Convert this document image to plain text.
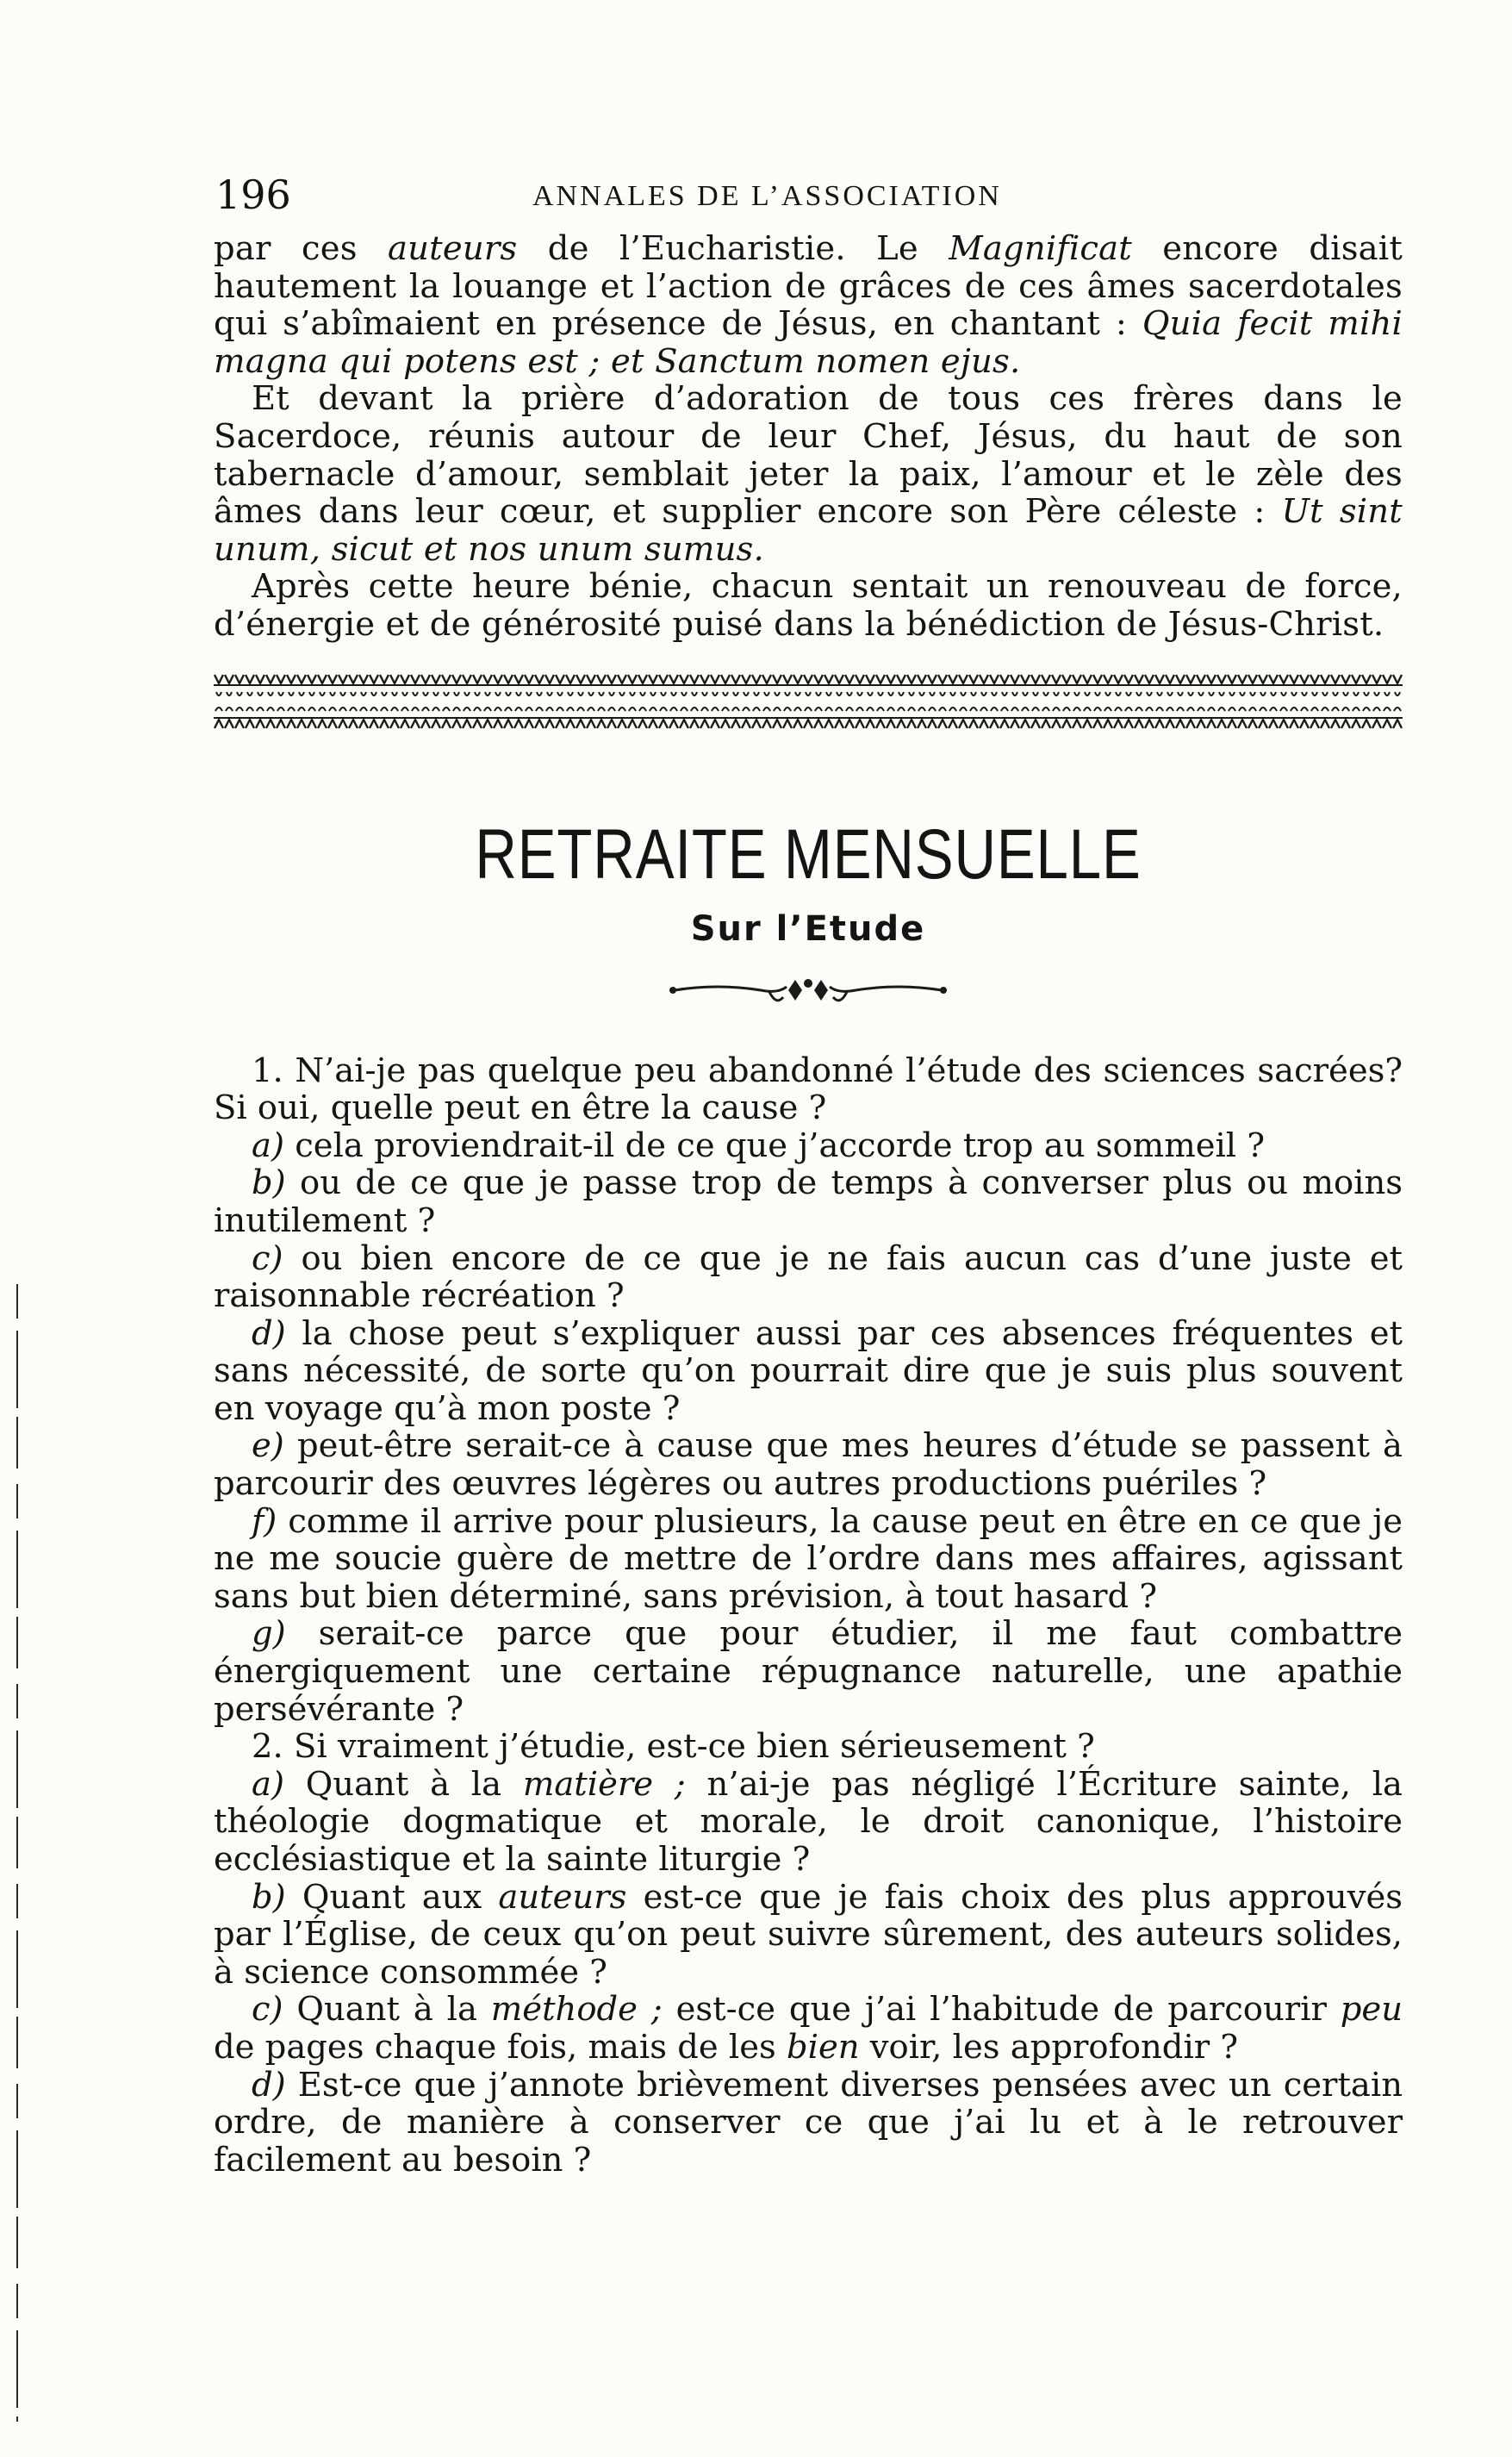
196	ANNALES DE L’ASSOCIATION

par ces auteurs de l’Eucharistie. Le Magnificat encore disait hautement la louange et l’action de grâces de ces âmes sacerdotales qui s’abîmaient en présence de Jésus, en chantant : Quia fecit mihi magna qui potens est ; et Sanctum nomen ejus.

Et devant la prière d’adoration de tous ces frères dans le Sacerdoce, réunis autour de leur Chef, Jésus, du haut de son tabernacle d’amour, semblait jeter la paix, l’amour et le zèle des âmes dans leur cœur, et supplier encore son Père céleste : Ut sint unum, sicut et nos unum sumus.

Après cette heure bénie, chacun sentait un renouveau de force, d’énergie et de générosité puisé dans la bénédiction de Jésus-Christ.

RETRAITE MENSUELLE
Sur l’Etude

1. N’ai-je pas quelque peu abandonné l’étude des sciences sacrées? Si oui, quelle peut en être la cause ?

a) cela proviendrait-il de ce que j’accorde trop au sommeil ?

b) ou de ce que je passe trop de temps à converser plus ou moins inutilement ?

c) ou bien encore de ce que je ne fais aucun cas d’une juste et raisonnable récréation ?

d) la chose peut s’expliquer aussi par ces absences fréquentes et sans nécessité, de sorte qu’on pourrait dire que je suis plus souvent en voyage qu’à mon poste ?

e) peut-être serait-ce à cause que mes heures d’étude se passent à parcourir des œuvres légères ou autres productions puériles ?

f) comme il arrive pour plusieurs, la cause peut en être en ce que je ne me soucie guère de mettre de l’ordre dans mes affaires, agissant sans but bien déterminé, sans prévision, à tout hasard ?

g) serait-ce parce que pour étudier, il me faut combattre énergiquement une certaine répugnance naturelle, une apathie persévérante ?

2. Si vraiment j’étudie, est-ce bien sérieusement ?

a) Quant à la matière ; n’ai-je pas négligé l’Écriture sainte, la théologie dogmatique et morale, le droit canonique, l’histoire ecclésiastique et la sainte liturgie ?

b) Quant aux auteurs est-ce que je fais choix des plus approuvés par l’Église, de ceux qu’on peut suivre sûrement, des auteurs solides, à science consommée ?

c) Quant à la méthode ; est-ce que j’ai l’habitude de parcourir peu de pages chaque fois, mais de les bien voir, les approfondir ?

d) Est-ce que j’annote brièvement diverses pensées avec un certain ordre, de manière à conserver ce que j’ai lu et à le retrouver facilement au besoin ?
